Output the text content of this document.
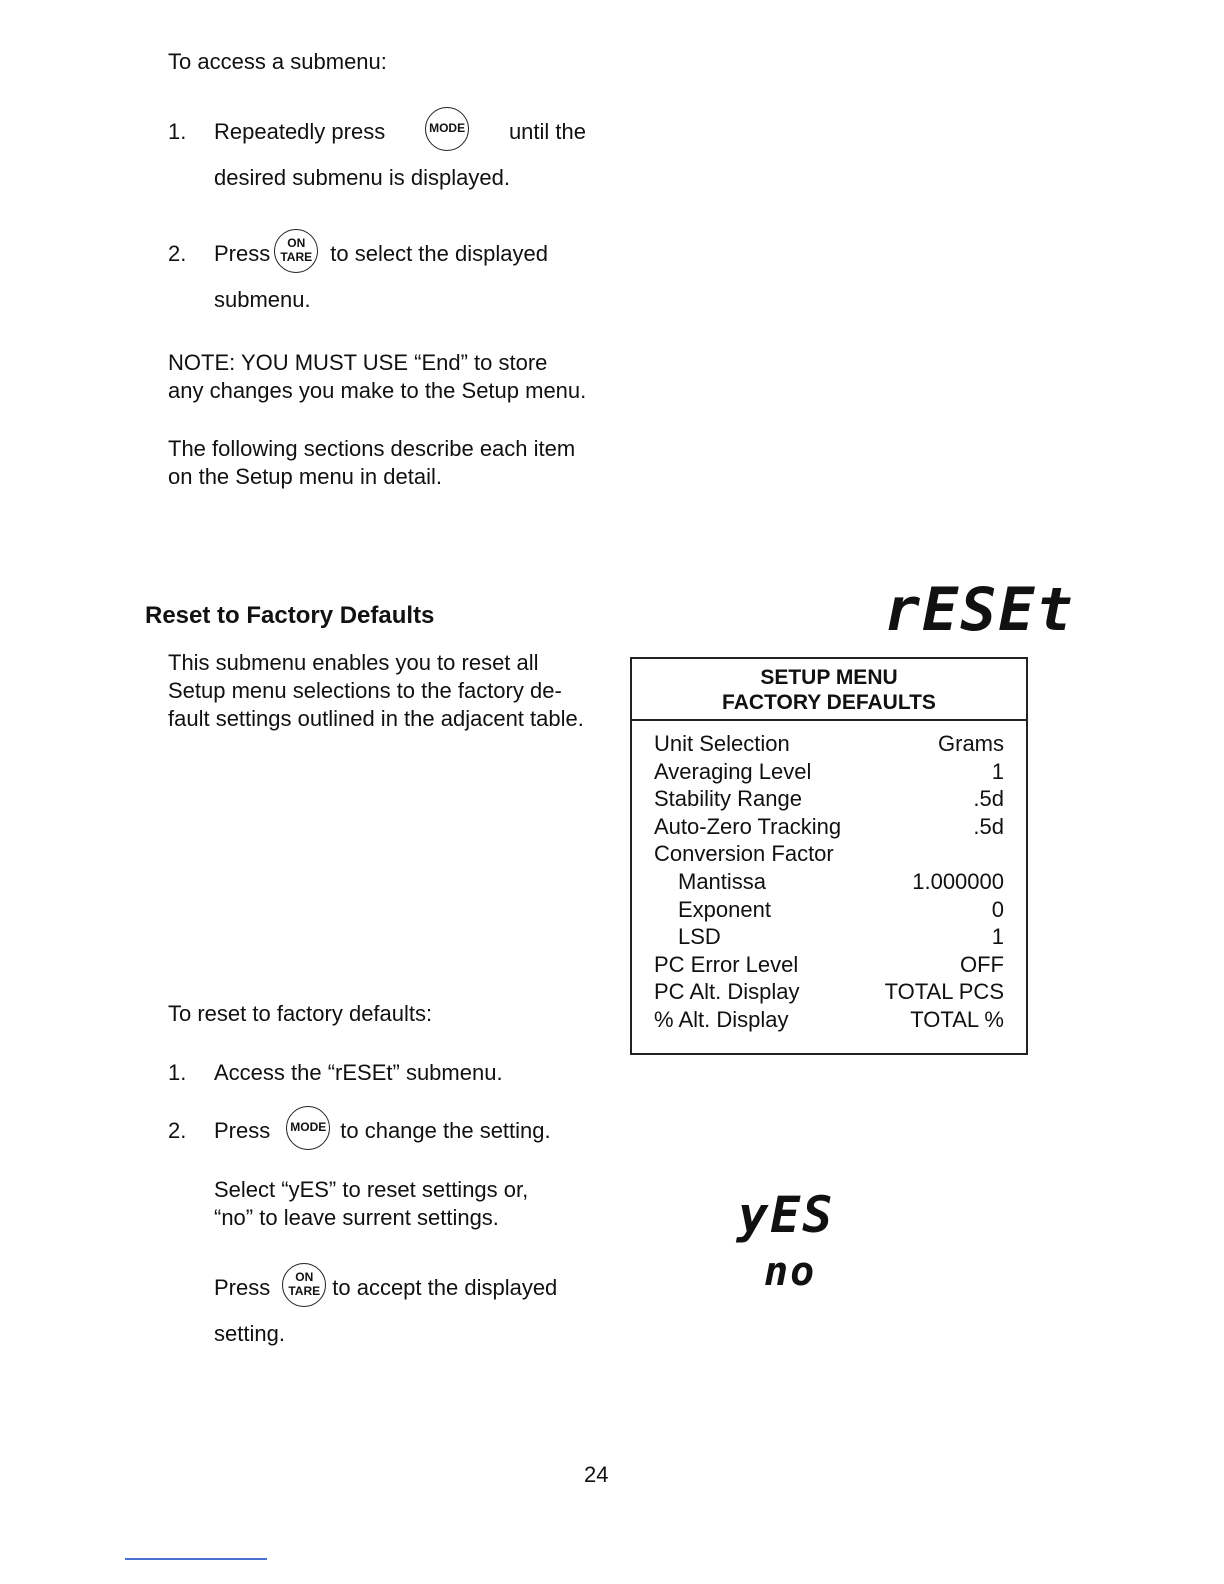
To access a submenu:
1. Repeatedly press	MODE until the
desired submenu is displayed.
2. Press	ON
TARE to select the displayed
submenu.
NOTE: YOU MUST USE “End” to store
any changes you make to the Setup menu.
The following sections describe each item
on the Setup menu in detail.
Reset to Factory Defaults	rESEt
This submenu enables you to reset all
Setup menu selections to the factory de-
fault settings outlined in the adjacent table.
SETUP MENU
FACTORY DEFAULTS
Unit Selection	Grams
Averaging Level	1
Stability Range	.5d
Auto-Zero Tracking	.5d
Conversion Factor
Mantissa	1.000000
Exponent	0
LSD	1
PC Error Level	OFF
PC Alt. Display	TOTAL PCS
% Alt. Display	TOTAL %
To reset to factory defaults:
1. Access the “rESEt” submenu.
2. Press	MODE to change the setting.
Select “yES” to reset settings or,
“no” to leave surrent settings.
Press	ON
TARE to accept the displayed
setting.
yES
no
24
